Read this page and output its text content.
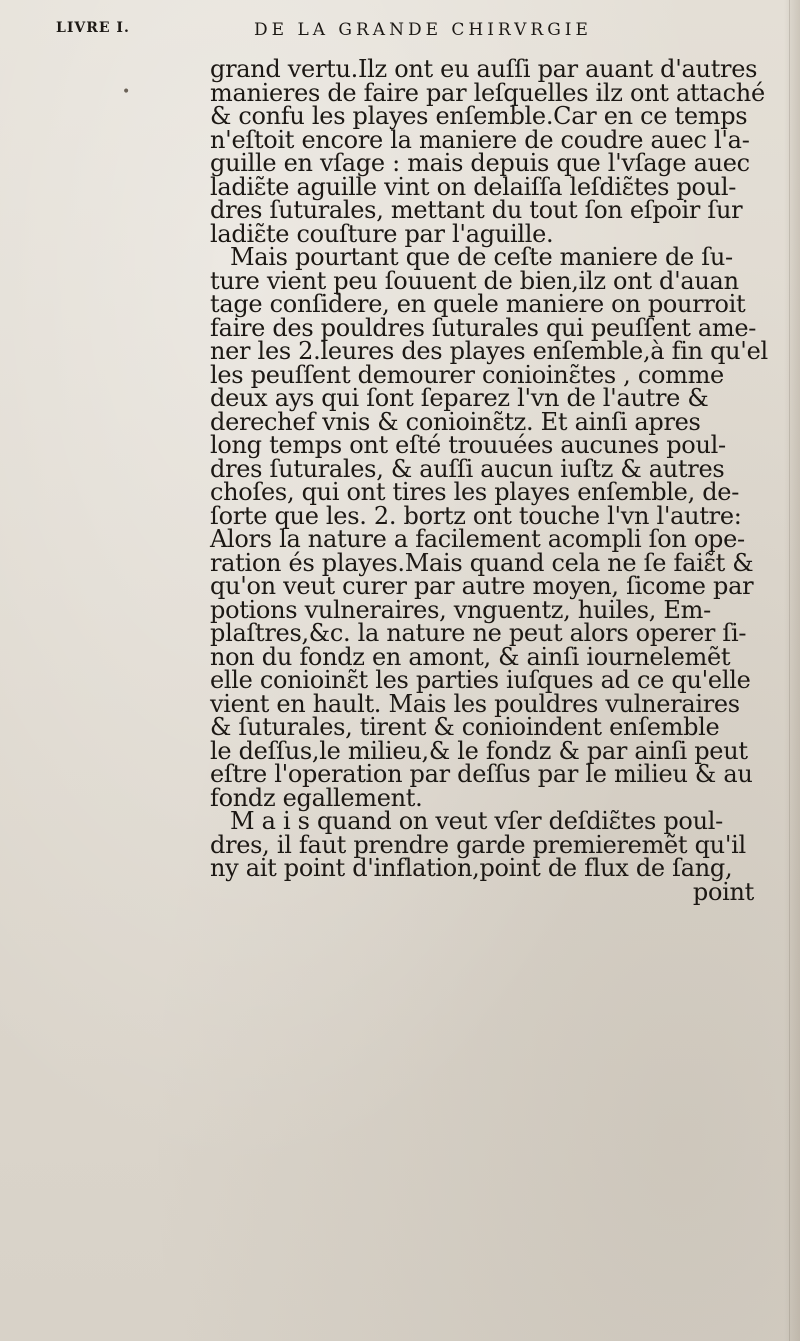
LIVRE I.	DE LA GRANDE CHIRVRGIE
•
grand vertu.Ilz ont eu auſſi par auant d'autres
manieres de faire par leſquelles ilz ont attaché
& confu les playes enſemble.Car en ce temps
n'eſtoit encore la maniere de coudre auec l'a-
guille en vſage : mais depuis que l'vſage auec
ladiɛ̃te aguille vint on delaiſſa leſdiɛ̃tes poul-
dres ſuturales, mettant du tout ſon eſpoir ſur
ladiɛ̃te couſture par l'aguille.
Mais pourtant que de ceſte maniere de ſu-
ture vient peu ſouuent de bien,ilz ont d'auan
tage conſidere, en quele maniere on pourroit
faire des pouldres ſuturales qui peuſſent ame-
ner les 2.leures des playes enſemble,à fin qu'el
les peuſſent demourer conioinɛ̃tes , comme
deux ays qui ſont ſeparez l'vn de l'autre &
derechef vnis & conioinɛ̃tz. Et ainſi apres
long temps ont eſté trouuées aucunes poul-
dres ſuturales, & auſſi aucun iuſtz & autres
choſes, qui ont tires les playes enſemble, de-
ſorte que les. 2. bortz ont touche l'vn l'autre:
Alors la nature a facilement acompli ſon ope-
ration és playes.Mais quand cela ne ſe faiɛ̃t &
qu'on veut curer par autre moyen, ſicome par
potions vulneraires, vnguentz, huiles, Em-
plaſtres,&c. la nature ne peut alors operer ſi-
non du fondz en amont, & ainſi iournelemẽt
elle conioinɛ̃t les parties iuſques ad ce qu'elle
vient en hault. Mais les pouldres vulneraires
& ſuturales, tirent & conioindent enſemble
le deſſus,le milieu,& le fondz & par ainſi peut
eſtre l'operation par deſſus par le milieu & au
fondz egallement.
M a i s quand on veut vſer deſdiɛ̃tes poul-
dres, il faut prendre garde premieremẽt qu'il
ny ait point d'inflation,point de flux de ſang,
point
